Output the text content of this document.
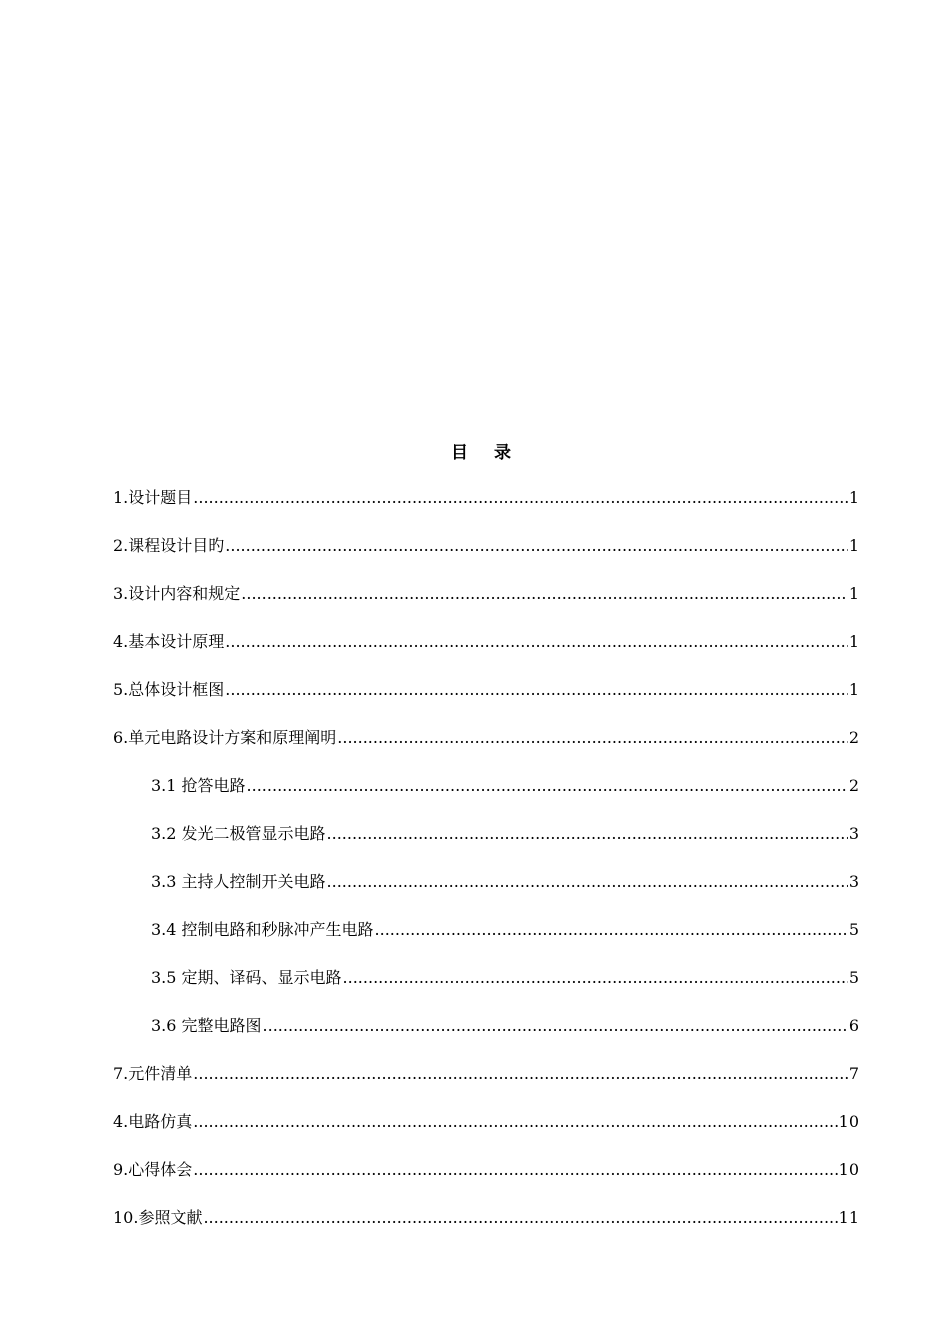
目 录
1.设计题目 .....	1
2.课程设计目旳 .....	1
3.设计内容和规定 .....	1
4.基本设计原理 .....	1
5.总体设计框图 .....	1
6.单元电路设计方案和原理阐明 .....	2
3.1 抢答电路 .....	2
3.2 发光二极管显示电路 .....	3
3.3 主持人控制开关电路 .....	3
3.4 控制电路和秒脉冲产生电路 .....	5
3.5 定期、译码、显示电路 .....	5
3.6 完整电路图 .....	6
7.元件清单 .....	7
4.电路仿真 .....	10
9.心得体会 .....	10
10.参照文献 .....	11
